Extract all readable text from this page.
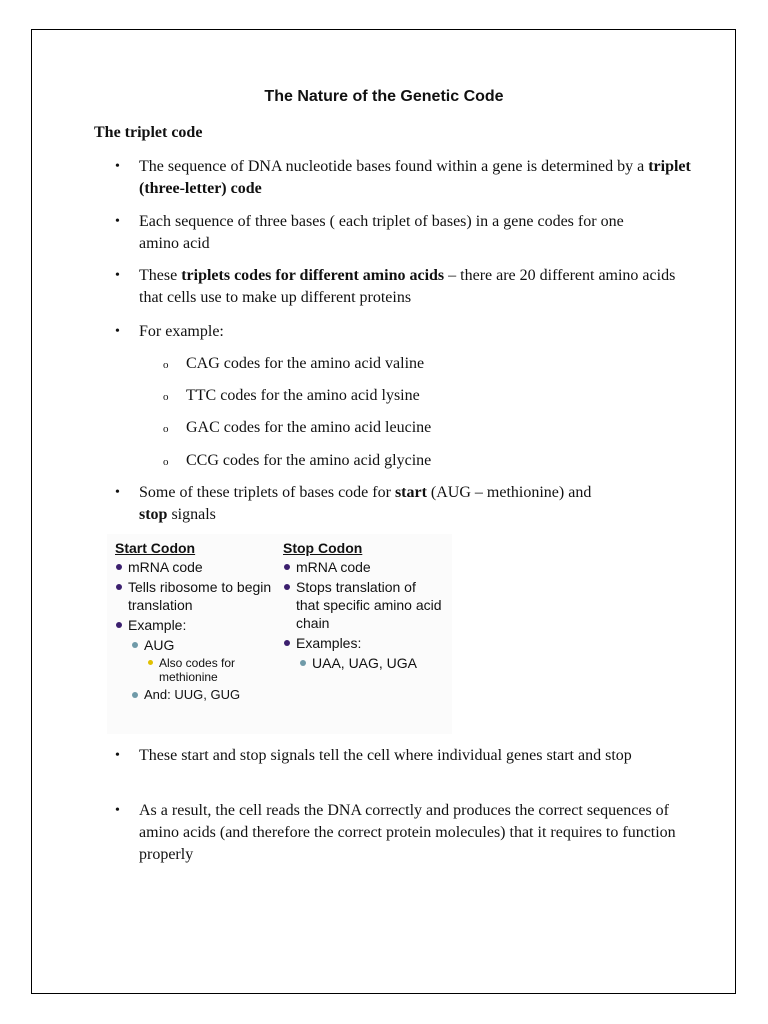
The Nature of the Genetic Code
The triplet code
• The sequence of DNA nucleotide bases found within a gene is determined by a triplet (three-letter) code
• Each sequence of three bases ( each triplet of bases) in a gene codes for one amino acid
• These triplets codes for different amino acids – there are 20 different amino acids that cells use to make up different proteins
• For example:
o CAG codes for the amino acid valine
o TTC codes for the amino acid lysine
o GAC codes for the amino acid leucine
o CCG codes for the amino acid glycine
• Some of these triplets of bases code for start (AUG – methionine) and
stop signals
Start Codon
mRNA code
Tells ribosome to begin translation
Example:
AUG
Also codes for methionine
And: UUG, GUG
Stop Codon
mRNA code
Stops translation of that specific amino acid chain
Examples:
UAA, UAG, UGA
• These start and stop signals tell the cell where individual genes start and stop
• As a result, the cell reads the DNA correctly and produces the correct sequences of amino acids (and therefore the correct protein molecules) that it requires to function properly
